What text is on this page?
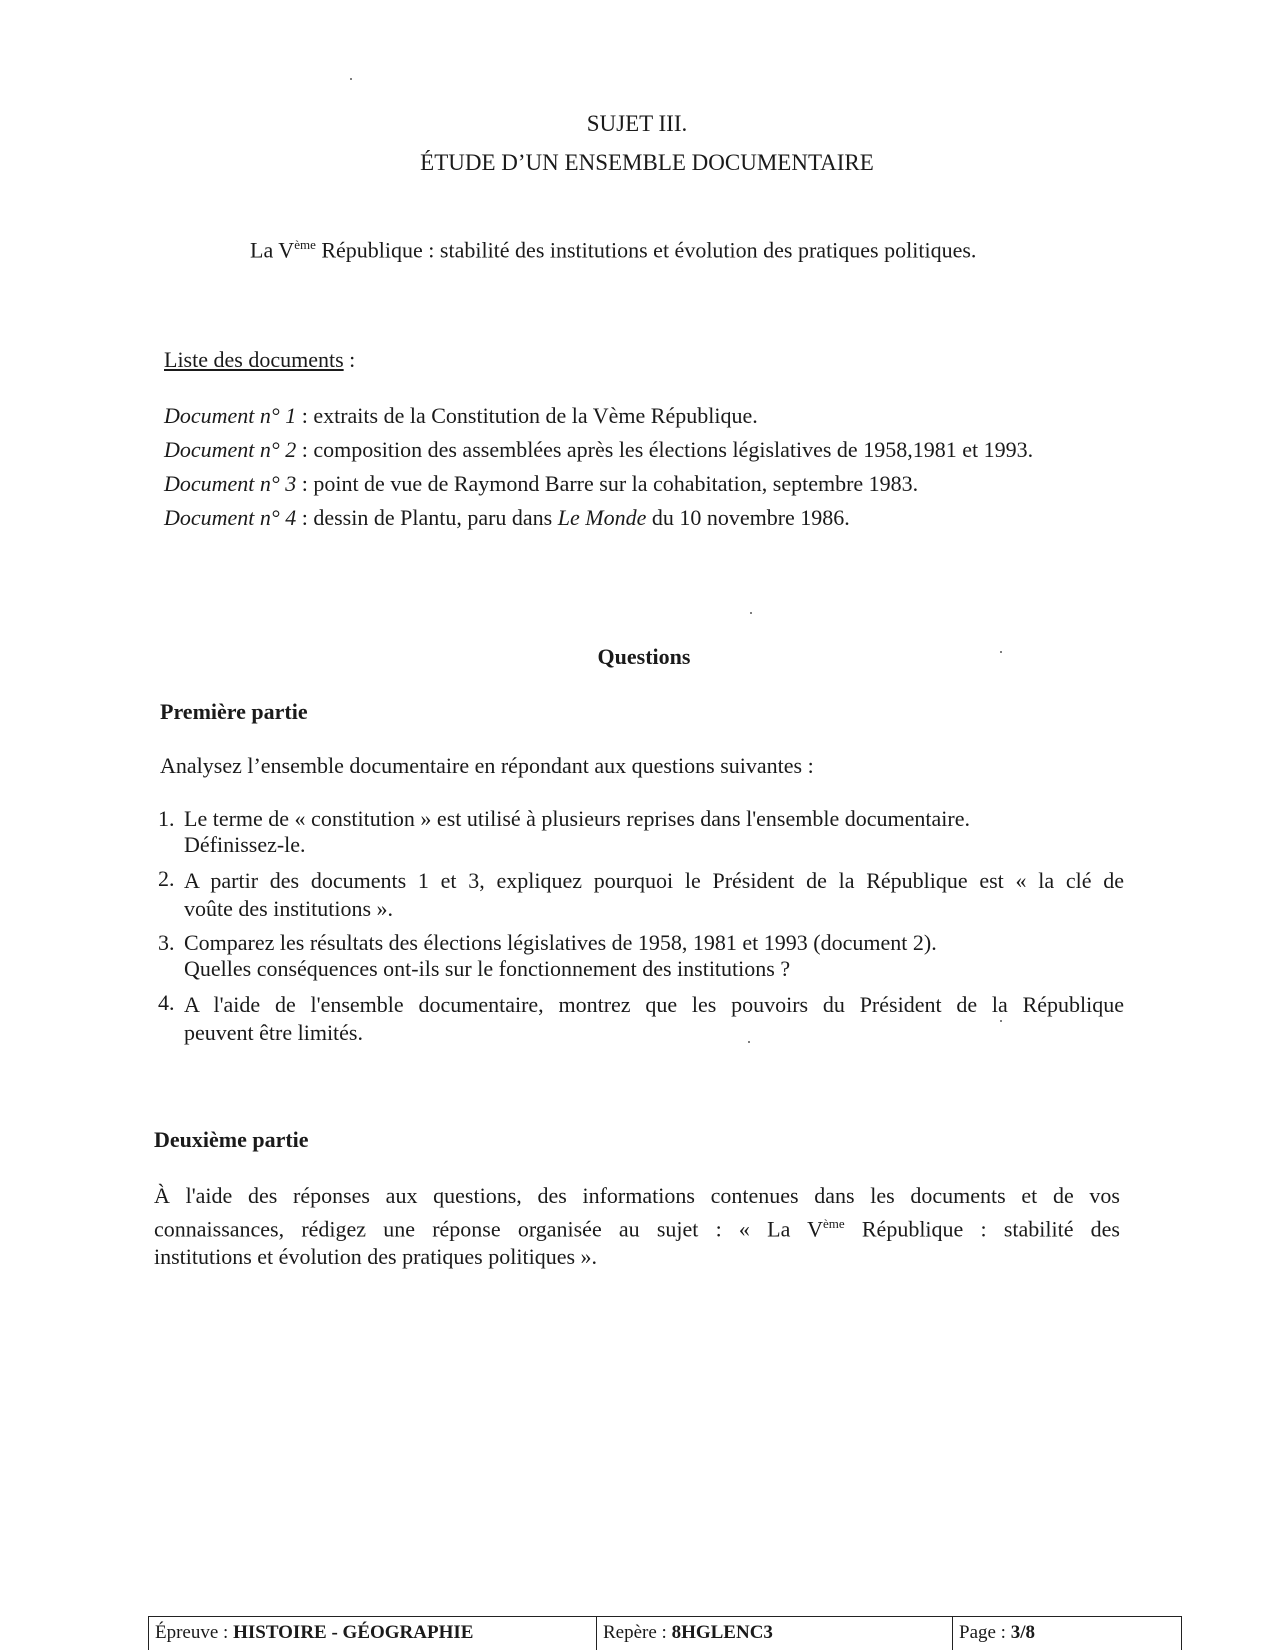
SUJET III.
ÉTUDE D’UN ENSEMBLE DOCUMENTAIRE
La Vème République : stabilité des institutions et évolution des pratiques politiques.
Liste des documents :
Document n° 1 : extraits de la Constitution de la Vème République.
Document n° 2 : composition des assemblées après les élections législatives de 1958,1981 et 1993.
Document n° 3 : point de vue de Raymond Barre sur la cohabitation, septembre 1983.
Document n° 4 : dessin de Plantu, paru dans Le Monde du 10 novembre 1986.
Questions
Première partie
Analysez l’ensemble documentaire en répondant aux questions suivantes :
1. Le terme de « constitution » est utilisé à plusieurs reprises dans l'ensemble documentaire.
Définissez-le.
2. A partir des documents 1 et 3, expliquez pourquoi le Président de la République est « la clé de
voûte des institutions ».
3. Comparez les résultats des élections législatives de 1958, 1981 et 1993 (document 2).
Quelles conséquences ont-ils sur le fonctionnement des institutions ?
4. A l'aide de l'ensemble documentaire, montrez que les pouvoirs du Président de la République
peuvent être limités.
Deuxième partie
À l'aide des réponses aux questions, des informations contenues dans les documents et de vos
connaissances, rédigez une réponse organisée au sujet : « La Vème République : stabilité des
institutions et évolution des pratiques politiques ».
Épreuve : HISTOIRE - GÉOGRAPHIE	Repère : 8HGLENC3	Page : 3/8
